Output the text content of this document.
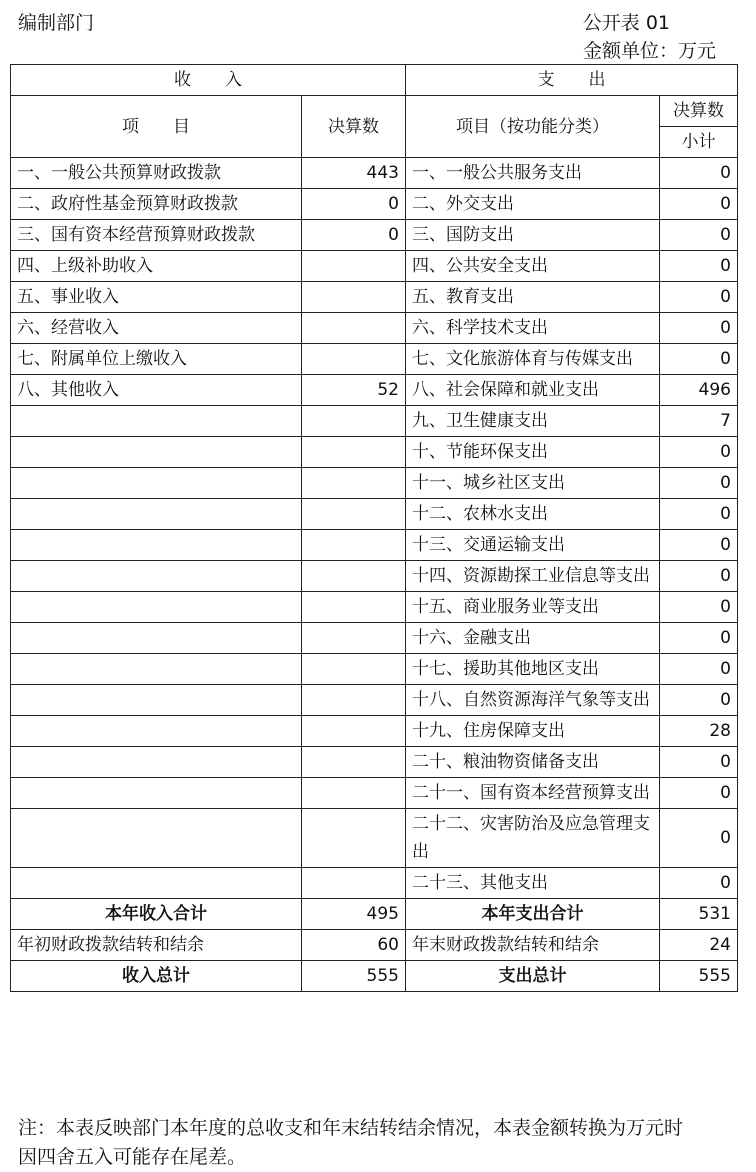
编制部门	公开表 01
金额单位：万元
收　　入		支　　出	
项　　目	决算数	项目（按功能分类）	决算数
			小计
一、一般公共预算财政拨款	443	一、一般公共服务支出	0
二、政府性基金预算财政拨款	0	二、外交支出	0
三、国有资本经营预算财政拨款	0	三、国防支出	0
四、上级补助收入		四、公共安全支出	0
五、事业收入		五、教育支出	0
六、经营收入		六、科学技术支出	0
七、附属单位上缴收入		七、文化旅游体育与传媒支出	0
八、其他收入	52	八、社会保障和就业支出	496
		九、卫生健康支出	7
		十、节能环保支出	0
		十一、城乡社区支出	0
		十二、农林水支出	0
		十三、交通运输支出	0
		十四、资源勘探工业信息等支出	0
		十五、商业服务业等支出	0
		十六、金融支出	0
		十七、援助其他地区支出	0
		十八、自然资源海洋气象等支出	0
		十九、住房保障支出	28
		二十、粮油物资储备支出	0
		二十一、国有资本经营预算支出	0
		二十二、灾害防治及应急管理支出	0
		二十三、其他支出	0
本年收入合计	495	本年支出合计	531
年初财政拨款结转和结余	60	年末财政拨款结转和结余	24
收入总计	555	支出总计	555
注：本表反映部门本年度的总收支和年末结转结余情况，本表金额转换为万元时
因四舍五入可能存在尾差。
